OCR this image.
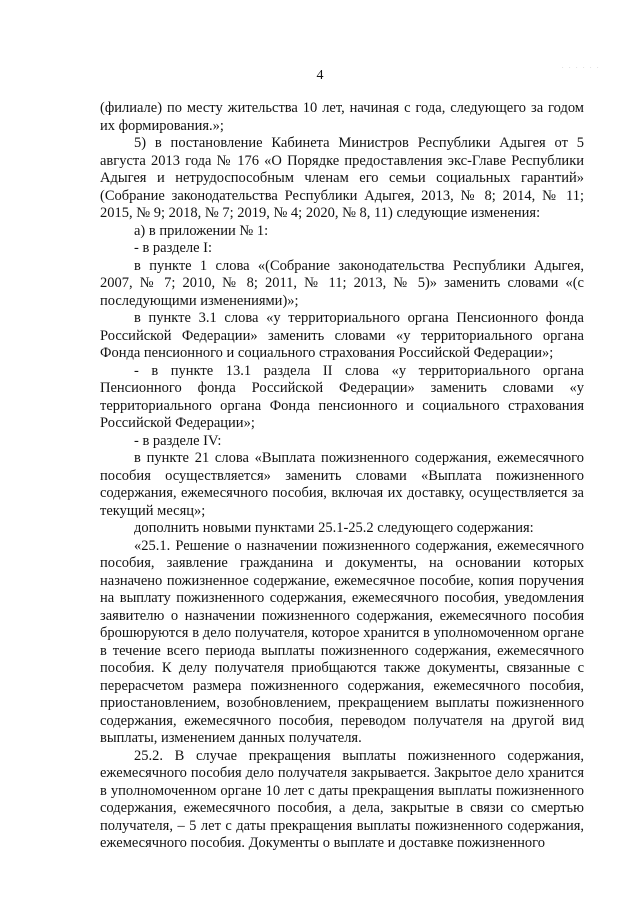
. . . . . .
4

(филиале) по месту жительства 10 лет, начиная с года, следующего за годом их формирования.»;

5) в постановление Кабинета Министров Республики Адыгея от 5 августа 2013 года № 176 «О Порядке предоставления экс-Главе Республики Адыгея и нетрудоспособным членам его семьи социальных гарантий» (Собрание законодательства Республики Адыгея, 2013, № 8; 2014, № 11; 2015, № 9; 2018, № 7; 2019, № 4; 2020, № 8, 11) следующие изменения:

а) в приложении № 1:

- в разделе I:

в пункте 1 слова «(Собрание законодательства Республики Адыгея, 2007, № 7; 2010, № 8; 2011, № 11; 2013, № 5)» заменить словами «(с последующими изменениями)»;

в пункте 3.1 слова «у территориального органа Пенсионного фонда Российской Федерации» заменить словами «у территориального органа Фонда пенсионного и социального страхования Российской Федерации»;

- в пункте 13.1 раздела II слова «у территориального органа Пенсионного фонда Российской Федерации» заменить словами «у территориального органа Фонда пенсионного и социального страхования Российской Федерации»;

- в разделе IV:

в пункте 21 слова «Выплата пожизненного содержания, ежемесячного пособия осуществляется» заменить словами «Выплата пожизненного содержания, ежемесячного пособия, включая их доставку, осуществляется за текущий месяц»;

дополнить новыми пунктами 25.1-25.2 следующего содержания:

«25.1. Решение о назначении пожизненного содержания, ежемесячного пособия, заявление гражданина и документы, на основании которых назначено пожизненное содержание, ежемесячное пособие, копия поручения на выплату пожизненного содержания, ежемесячного пособия, уведомления заявителю о назначении пожизненного содержания, ежемесячного пособия брошюруются в дело получателя, которое хранится в уполномоченном органе в течение всего периода выплаты пожизненного содержания, ежемесячного пособия. К делу получателя приобщаются также документы, связанные с перерасчетом размера пожизненного содержания, ежемесячного пособия, приостановлением, возобновлением, прекращением выплаты пожизненного содержания, ежемесячного пособия, переводом получателя на другой вид выплаты, изменением данных получателя.

25.2. В случае прекращения выплаты пожизненного содержания, ежемесячного пособия дело получателя закрывается. Закрытое дело хранится в уполномоченном органе 10 лет с даты прекращения выплаты пожизненного содержания, ежемесячного пособия, а дела, закрытые в связи со смертью получателя, – 5 лет с даты прекращения выплаты пожизненного содержания, ежемесячного пособия. Документы о выплате и доставке пожизненного
